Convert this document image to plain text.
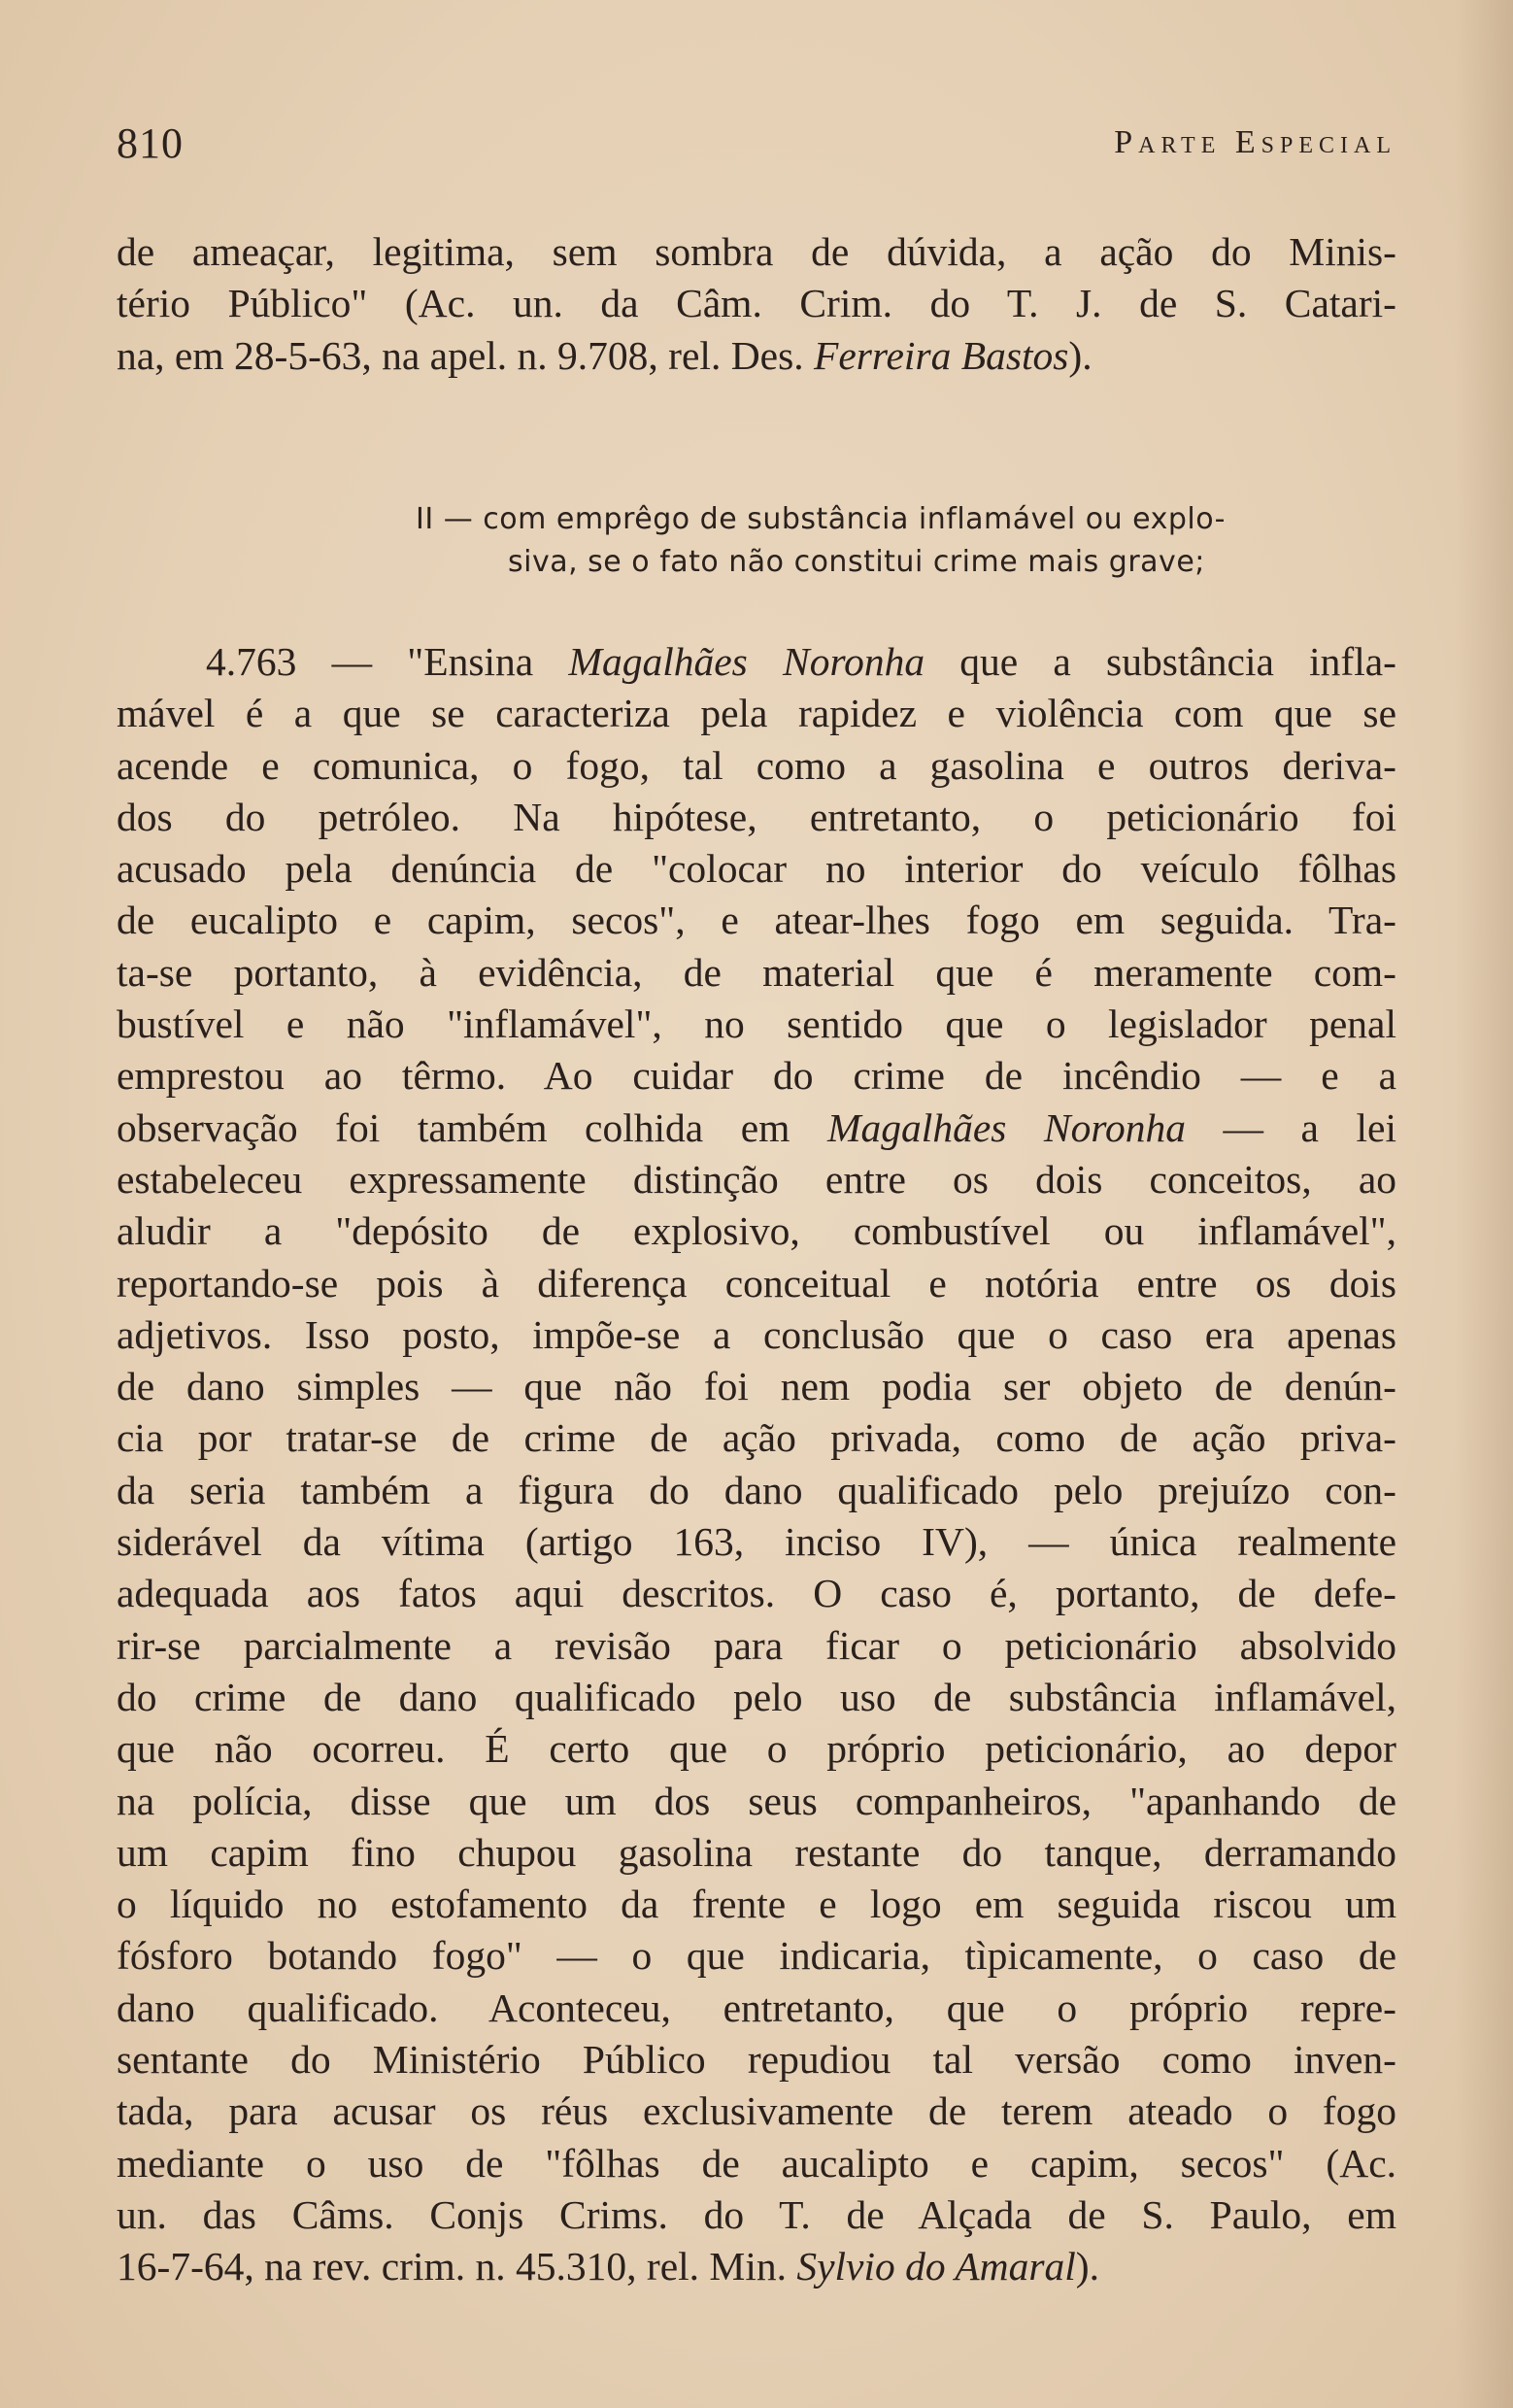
810	Parte Especial
de ameaçar, legitima, sem sombra de dúvida, a ação do Minis-
tério Público" (Ac. un. da Câm. Crim. do T. J. de S. Catari-
na, em 28-5-63, na apel. n. 9.708, rel. Des. Ferreira Bastos).
II — com emprêgo de substância inflamável ou explo-
siva, se o fato não constitui crime mais grave;
4.763 — "Ensina Magalhães Noronha que a substância infla-
mável é a que se caracteriza pela rapidez e violência com que se
acende e comunica, o fogo, tal como a gasolina e outros deriva-
dos do petróleo. Na hipótese, entretanto, o peticionário foi
acusado pela denúncia de "colocar no interior do veículo fôlhas
de eucalipto e capim, secos", e atear-lhes fogo em seguida. Tra-
ta-se portanto, à evidência, de material que é meramente com-
bustível e não "inflamável", no sentido que o legislador penal
emprestou ao têrmo. Ao cuidar do crime de incêndio — e a
observação foi também colhida em Magalhães Noronha — a lei
estabeleceu expressamente distinção entre os dois conceitos, ao
aludir a "depósito de explosivo, combustível ou inflamável",
reportando-se pois à diferença conceitual e notória entre os dois
adjetivos. Isso posto, impõe-se a conclusão que o caso era apenas
de dano simples — que não foi nem podia ser objeto de denún-
cia por tratar-se de crime de ação privada, como de ação priva-
da seria também a figura do dano qualificado pelo prejuízo con-
siderável da vítima (artigo 163, inciso IV), — única realmente
adequada aos fatos aqui descritos. O caso é, portanto, de defe-
rir-se parcialmente a revisão para ficar o peticionário absolvido
do crime de dano qualificado pelo uso de substância inflamável,
que não ocorreu. É certo que o próprio peticionário, ao depor
na polícia, disse que um dos seus companheiros, "apanhando de
um capim fino chupou gasolina restante do tanque, derramando
o líquido no estofamento da frente e logo em seguida riscou um
fósforo botando fogo" — o que indicaria, tìpicamente, o caso de
dano qualificado. Aconteceu, entretanto, que o próprio repre-
sentante do Ministério Público repudiou tal versão como inven-
tada, para acusar os réus exclusivamente de terem ateado o fogo
mediante o uso de "fôlhas de aucalipto e capim, secos" (Ac.
un. das Câms. Conjs Crims. do T. de Alçada de S. Paulo, em
16-7-64, na rev. crim. n. 45.310, rel. Min. Sylvio do Amaral).
